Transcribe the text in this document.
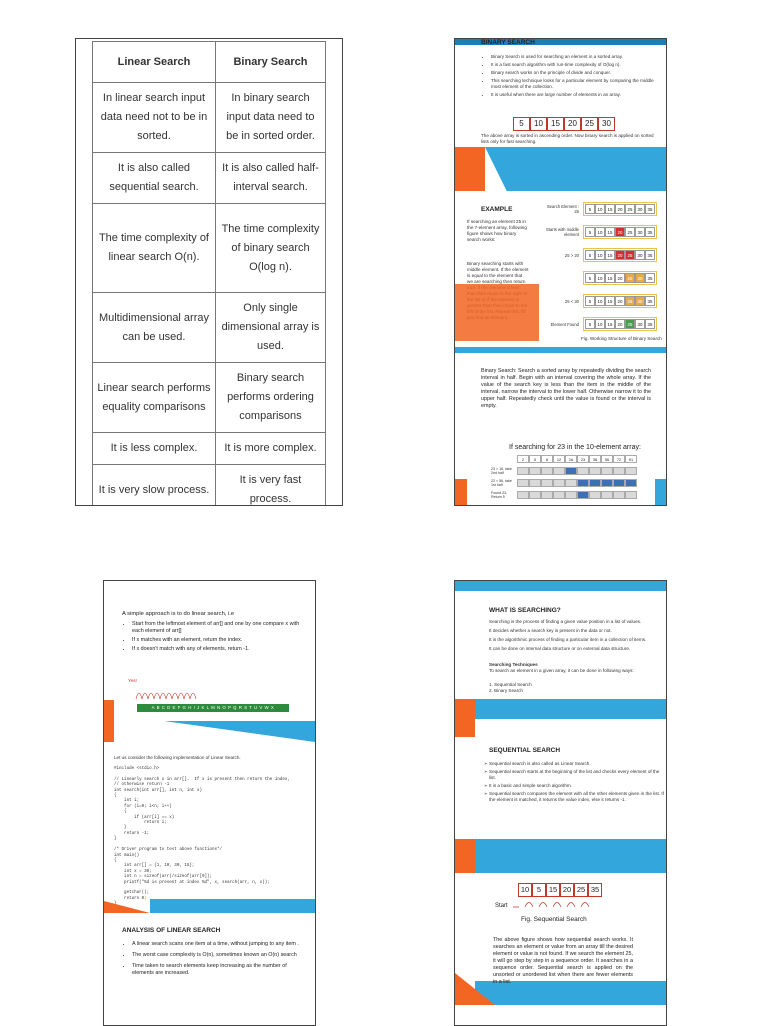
Linear Search	Binary Search
In linear search input data need not to be in sorted.	In binary search input data need to be in sorted order.
It is also called sequential search.	It is also called half-interval search.
The time complexity of linear search O(n).	The time complexity of binary search O(log n).
Multidimensional array can be used.	Only single dimensional array is used.
Linear search performs equality comparisons	Binary search performs ordering comparisons
It is less complex.	It is more complex.
It is very slow process.	It is very fast process.
BINARY SEARCH
• Binary Search is used for searching an element in a sorted array.
• It is a fast search algorithm with run-time complexity of O(log n).
• Binary search works on the principle of divide and conquer.
• This searching technique looks for a particular element by comparing the middle most element of the collection.
• It is useful when there are large number of elements in an array.
5	10	15	20	25	30
The above array is sorted in ascending order. Now binary search is applied on sorted lists only for fast searching.
EXAMPLE
If searching an element 25 in the 7-element array, following figure shows how binary search works:
Binary searching starts with middle element. If the element is equal to the element that we are searching then return
Search Element : 25	5	10	15	20	25	30	35
Starts with middle element	5	10	15	20	25	30	35
25 > 20	5	10	15	20	25	30	35
5	10	15	20	25	30	35
25 < 30	5	10	15	20	25	30	35
Element Found	5	10	15	20	25	30	35
Fig. Working Structure of Binary Search
Binary Search: Search a sorted array by repeatedly dividing the search interval in half. Begin with an interval covering the whole array. If the value of the search key is less than the item in the middle of the interval, narrow the interval to the lower half. Otherwise narrow it to the upper half. Repeatedly check until the value is found or the interval is empty.
If searching for 23 in the 10-element array:
2	5	8	12	16	23	38	56	72	91
23 > 16, take 2nd half
23 < 56, take 1st half
Found 23, Return 5
A simple approach is to do linear search, i.e
• Start from the leftmost element of arr[] and one by one compare x with each element of arr[]
• If x matches with an element, return the index.
• If x doesn't match with any of elements, return -1.
Yes!
A B C D E F G H I J K L M N O P Q R S T U V W X
Let us consider the following implementation of Linear Search.
#include <stdio.h>

// Linearly search x in arr[].  If x is present then return the index,
// otherwise return -1
int search(int arr[], int n, int x)
{
int i;
for (i=0; i<n; i++)
{
if (arr[i] == x)
return i;
}
return -1;
}

/* Driver program to test above functions*/
int main()
{
int arr[] = {1, 10, 30, 15};
int x = 30;
int n = sizeof(arr)/sizeof(arr[0]);
printf("%d is present at index %d", x, search(arr, n, x));

getchar();
return 0;

ANALYSIS OF LINEAR SEARCH
• A linear search scans one item at a time, without jumping to any item .
• The worst case complexity is O(n), sometimes known an O(n) search
• Time taken to search elements keep increasing as the number of elements are increased.
WHAT IS SEARCHING?
Searching is the process of finding a given value position in a list of values.
It decides whether a search key is present in the data or not.
It is the algorithmic process of finding a particular item in a collection of items.
It can be done on internal data structure or on external data structure.
Searching Techniques
To search an element in a given array, it can be done in following ways:
1. Sequential Search
2. Binary Search
SEQUENTIAL SEARCH
➢ Sequential search is also called as Linear Search.
➢ Sequential search starts at the beginning of the list and checks every element of the list.
➢ It is a basic and simple search algorithm.
➢ Sequential search compares the element with all the other elements given in the list. If the element is matched, it returns the value index, else it returns -1.
10	5	15 20 25 35
Start
Fig. Sequential Search
The above figure shows how sequential search works. It searches an element or value from an array till the desired element or value is not found. If we search the element 25, it will go step by step in a sequence order. It searches in a sequence order. Sequential search is applied on the unsorted or unordered list when there are fewer elements in a list.
